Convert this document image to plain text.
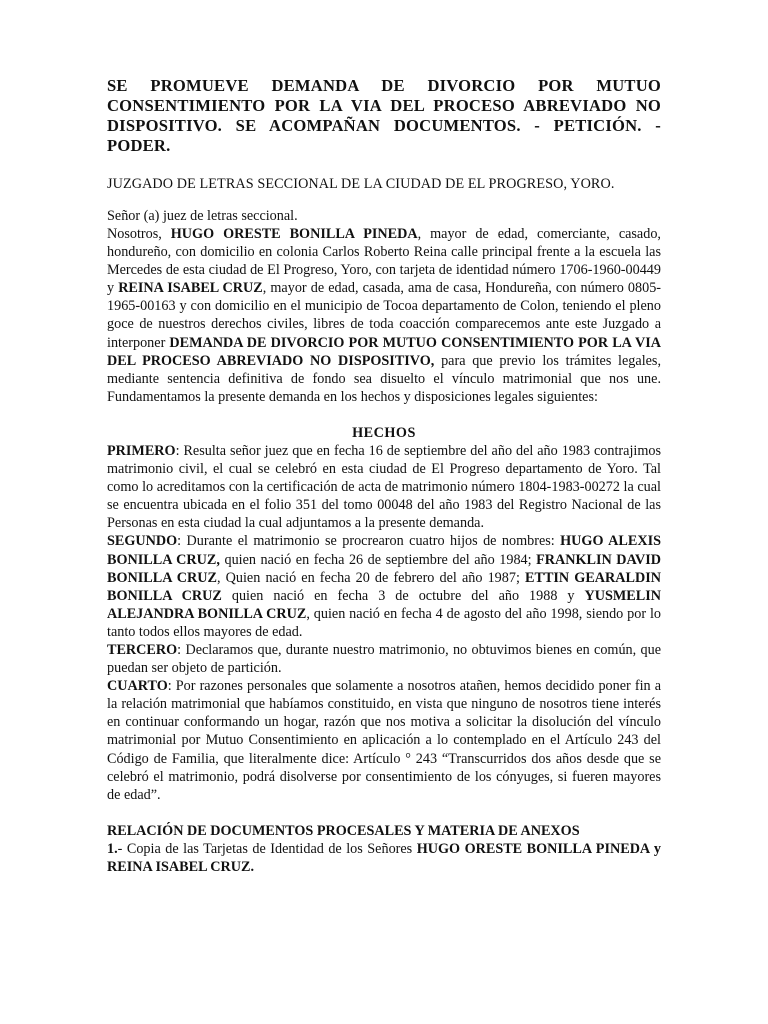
SE PROMUEVE DEMANDA DE DIVORCIO POR MUTUO CONSENTIMIENTO POR LA VIA DEL PROCESO ABREVIADO NO DISPOSITIVO. SE ACOMPAÑAN DOCUMENTOS. - PETICIÓN. - PODER.

JUZGADO DE LETRAS SECCIONAL DE LA CIUDAD DE EL PROGRESO, YORO.

Señor (a) juez de letras seccional.

Nosotros, HUGO ORESTE BONILLA PINEDA, mayor de edad, comerciante, casado, hondureño, con domicilio en colonia Carlos Roberto Reina calle principal frente a la escuela las Mercedes de esta ciudad de El Progreso, Yoro, con tarjeta de identidad número 1706-1960-00449 y REINA ISABEL CRUZ, mayor de edad, casada, ama de casa, Hondureña, con número 0805-1965-00163 y con domicilio en el municipio de Tocoa departamento de Colon, teniendo el pleno goce de nuestros derechos civiles, libres de toda coacción comparecemos ante este Juzgado a interponer DEMANDA DE DIVORCIO POR MUTUO CONSENTIMIENTO POR LA VIA DEL PROCESO ABREVIADO NO DISPOSITIVO, para que previo los trámites legales, mediante sentencia definitiva de fondo sea disuelto el vínculo matrimonial que nos une. Fundamentamos la presente demanda en los hechos y disposiciones legales siguientes:

HECHOS

PRIMERO: Resulta señor juez que en fecha 16 de septiembre del año del año 1983 contrajimos matrimonio civil, el cual se celebró en esta ciudad de El Progreso departamento de Yoro. Tal como lo acreditamos con la certificación de acta de matrimonio número 1804-1983-00272 la cual se encuentra ubicada en el folio 351 del tomo 00048 del año 1983 del Registro Nacional de las Personas en esta ciudad la cual adjuntamos a la presente demanda.

SEGUNDO: Durante el matrimonio se procrearon cuatro hijos de nombres: HUGO ALEXIS BONILLA CRUZ, quien nació en fecha 26 de septiembre del año 1984; FRANKLIN DAVID BONILLA CRUZ, Quien nació en fecha 20 de febrero del año 1987; ETTIN GEARALDIN BONILLA CRUZ quien nació en fecha 3 de octubre del año 1988 y YUSMELIN ALEJANDRA BONILLA CRUZ, quien nació en fecha 4 de agosto del año 1998, siendo por lo tanto todos ellos mayores de edad.

TERCERO: Declaramos que, durante nuestro matrimonio, no obtuvimos bienes en común, que puedan ser objeto de partición.

CUARTO: Por razones personales que solamente a nosotros atañen, hemos decidido poner fin a la relación matrimonial que habíamos constituido, en vista que ninguno de nosotros tiene interés en continuar conformando un hogar, razón que nos motiva a solicitar la disolución del vínculo matrimonial por Mutuo Consentimiento en aplicación a lo contemplado en el Artículo 243 del Código de Familia, que literalmente dice: Artículo ° 243 “Transcurridos dos años desde que se celebró el matrimonio, podrá disolverse por consentimiento de los cónyuges, si fueren mayores de edad”.

RELACIÓN DE DOCUMENTOS PROCESALES Y MATERIA DE ANEXOS

1.- Copia de las Tarjetas de Identidad de los Señores HUGO ORESTE BONILLA PINEDA y REINA ISABEL CRUZ.
